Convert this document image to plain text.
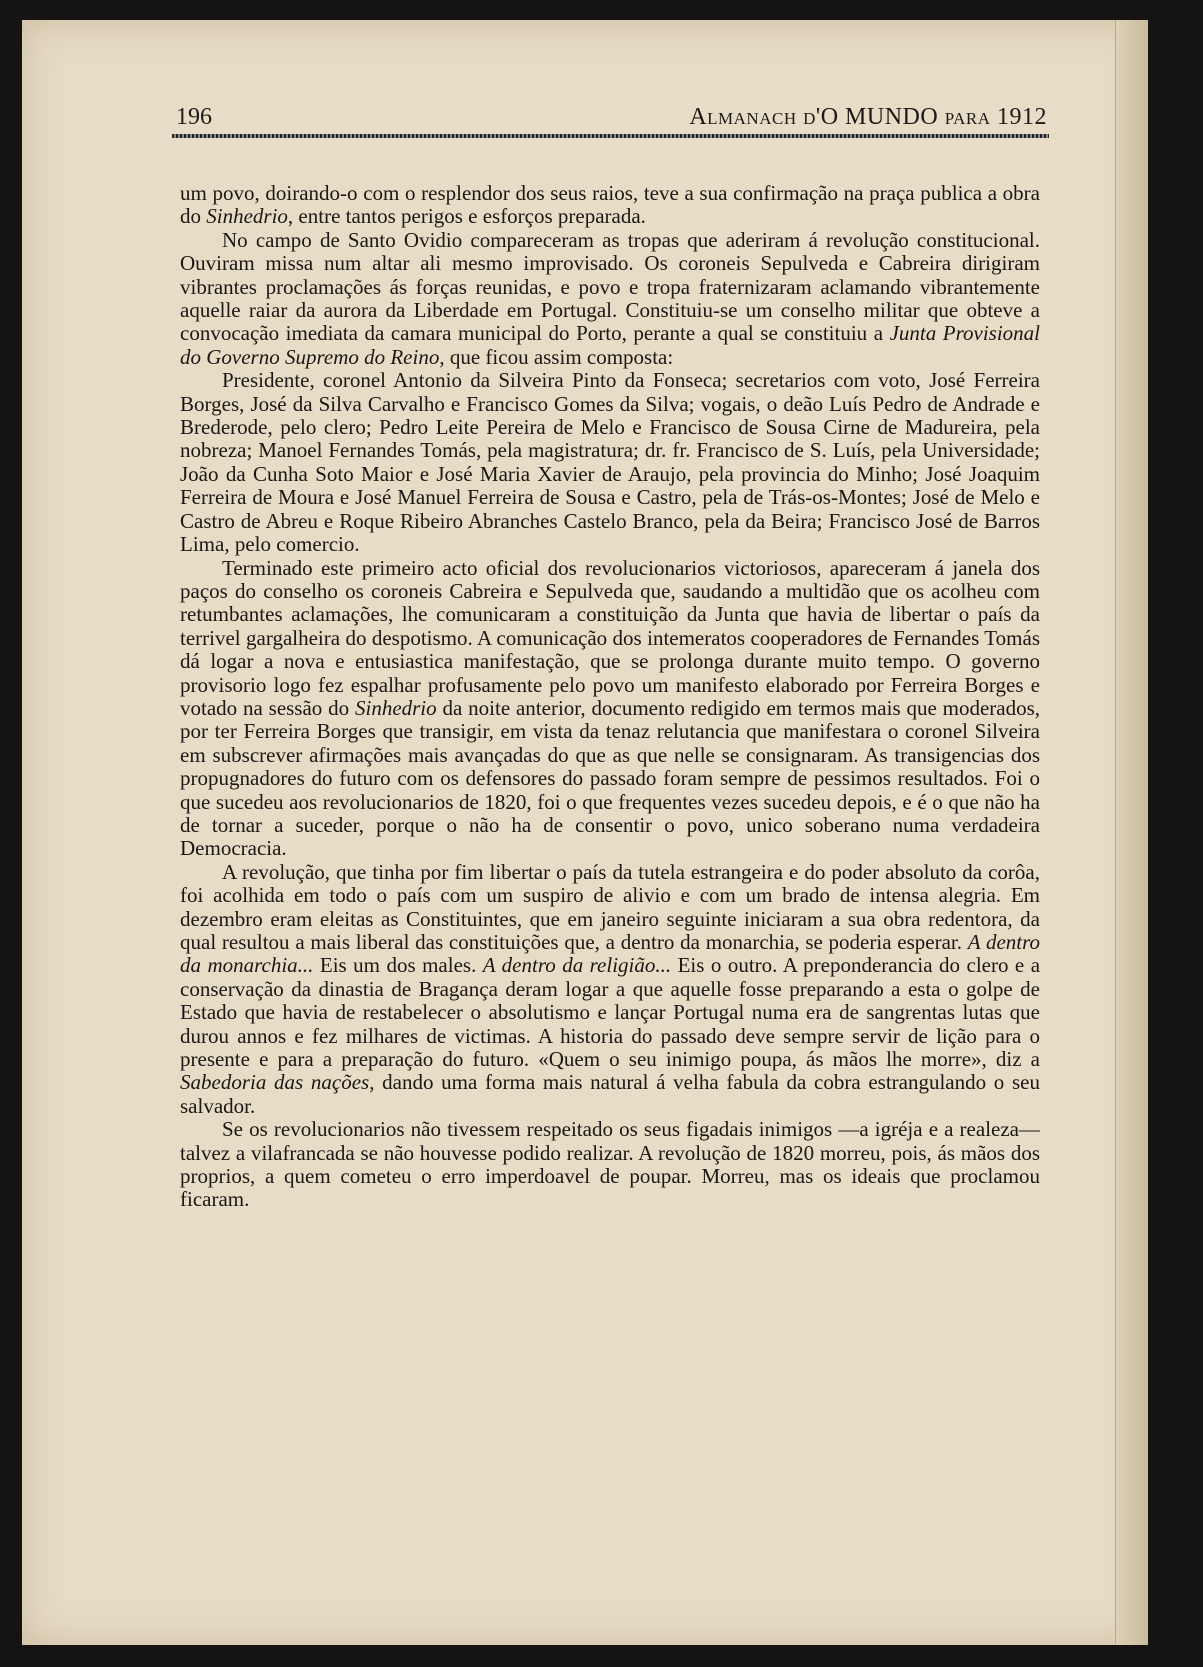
196	Almanach d'O MUNDO para 1912

um povo, doirando-o com o resplendor dos seus raios, teve a sua confirmação na praça publica a obra do Sinhedrio, entre tantos perigos e esforços preparada.

No campo de Santo Ovidio compareceram as tropas que aderiram á revolução constitucional. Ouviram missa num altar ali mesmo improvisado. Os coroneis Sepulveda e Cabreira dirigiram vibrantes proclamações ás forças reunidas, e povo e tropa fraternizaram aclamando vibrantemente aquelle raiar da aurora da Liberdade em Portugal. Constituiu-se um conselho militar que obteve a convocação imediata da camara municipal do Porto, perante a qual se constituiu a Junta Provisional do Governo Supremo do Reino, que ficou assim composta:

Presidente, coronel Antonio da Silveira Pinto da Fonseca; secretarios com voto, José Ferreira Borges, José da Silva Carvalho e Francisco Gomes da Silva; vogais, o deão Luís Pedro de Andrade e Brederode, pelo clero; Pedro Leite Pereira de Melo e Francisco de Sousa Cirne de Madureira, pela nobreza; Manoel Fernandes Tomás, pela magistratura; dr. fr. Francisco de S. Luís, pela Universidade; João da Cunha Soto Maior e José Maria Xavier de Araujo, pela provincia do Minho; José Joaquim Ferreira de Moura e José Manuel Ferreira de Sousa e Castro, pela de Trás-os-Montes; José de Melo e Castro de Abreu e Roque Ribeiro Abranches Castelo Branco, pela da Beira; Francisco José de Barros Lima, pelo comercio.

Terminado este primeiro acto oficial dos revolucionarios victoriosos, apareceram á janela dos paços do conselho os coroneis Cabreira e Sepulveda que, saudando a multidão que os acolheu com retumbantes aclamações, lhe comunicaram a constituição da Junta que havia de libertar o país da terrivel gargalheira do despotismo. A comunicação dos intemeratos cooperadores de Fernandes Tomás dá logar a nova e entusiastica manifestação, que se prolonga durante muito tempo. O governo provisorio logo fez espalhar profusamente pelo povo um manifesto elaborado por Ferreira Borges e votado na sessão do Sinhedrio da noite anterior, documento redigido em termos mais que moderados, por ter Ferreira Borges que transigir, em vista da tenaz relutancia que manifestara o coronel Silveira em subscrever afirmações mais avançadas do que as que nelle se consignaram. As transigencias dos propugnadores do futuro com os defensores do passado foram sempre de pessimos resultados. Foi o que sucedeu aos revolucionarios de 1820, foi o que frequentes vezes sucedeu depois, e é o que não ha de tornar a suceder, porque o não ha de consentir o povo, unico soberano numa verdadeira Democracia.

A revolução, que tinha por fim libertar o país da tutela estrangeira e do poder absoluto da corôa, foi acolhida em todo o país com um suspiro de alivio e com um brado de intensa alegria. Em dezembro eram eleitas as Constituintes, que em janeiro seguinte iniciaram a sua obra redentora, da qual resultou a mais liberal das constituições que, a dentro da monarchia, se poderia esperar. A dentro da monarchia... Eis um dos males. A dentro da religião... Eis o outro. A preponderancia do clero e a conservação da dinastia de Bragança deram logar a que aquelle fosse preparando a esta o golpe de Estado que havia de restabelecer o absolutismo e lançar Portugal numa era de sangrentas lutas que durou annos e fez milhares de victimas. A historia do passado deve sempre servir de lição para o presente e para a preparação do futuro. «Quem o seu inimigo poupa, ás mãos lhe morre», diz a Sabedoria das nações, dando uma forma mais natural á velha fabula da cobra estrangulando o seu salvador.

Se os revolucionarios não tivessem respeitado os seus figadais inimigos —a igréja e a realeza—talvez a vilafrancada se não houvesse podido realizar. A revolução de 1820 morreu, pois, ás mãos dos proprios, a quem cometeu o erro imperdoavel de poupar. Morreu, mas os ideais que proclamou ficaram.
